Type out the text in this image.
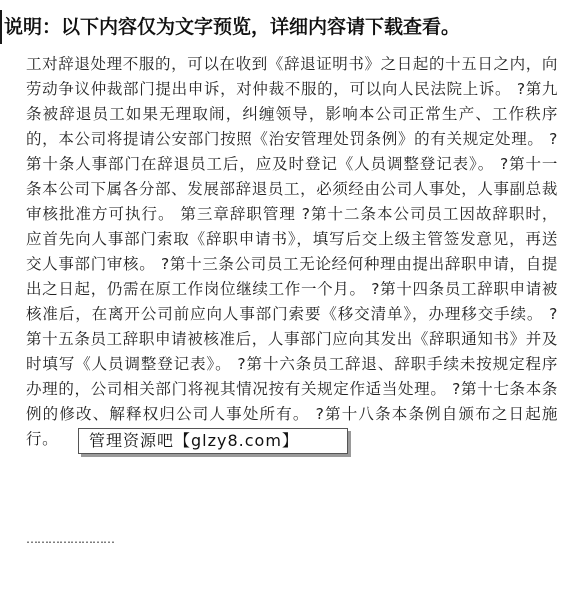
说明：以下内容仅为文字预览，详细内容请下载查看。

工对辞退处理不服的，可以在收到《辞退证明书》之日起的十五日之内，向劳动争议仲裁部门提出申诉，对仲裁不服的，可以向人民法院上诉。 ?第九条被辞退员工如果无理取闹，纠缠领导，影响本公司正常生产、工作秩序的，本公司将提请公安部门按照《治安管理处罚条例》的有关规定处理。 ?第十条人事部门在辞退员工后，应及时登记《人员调整登记表》。 ?第十一条本公司下属各分部、发展部辞退员工，必须经由公司人事处，人事副总裁审核批准方可执行。 第三章辞职管理 ?第十二条本公司员工因故辞职时，应首先向人事部门索取《辞职申请书》，填写后交上级主管签发意见，再送交人事部门审核。 ?第十三条公司员工无论经何种理由提出辞职申请，自提出之日起，仍需在原工作岗位继续工作一个月。 ?第十四条员工辞职申请被核准后，在离开公司前应向人事部门索要《移交清单》，办理移交手续。 ?第十五条员工辞职申请被核准后，人事部门应向其发出《辞职通知书》并及时填写《人员调整登记表》。 ?第十六条员工辞退、辞职手续未按规定程序办理的，公司相关部门将视其情况按有关规定作适当处理。 ?第十七条本条例的修改、解释权归公司人事处所有。 ?第十八条本条例自颁布之日起施行。

……………………
管理资源吧【glzy8.com】
